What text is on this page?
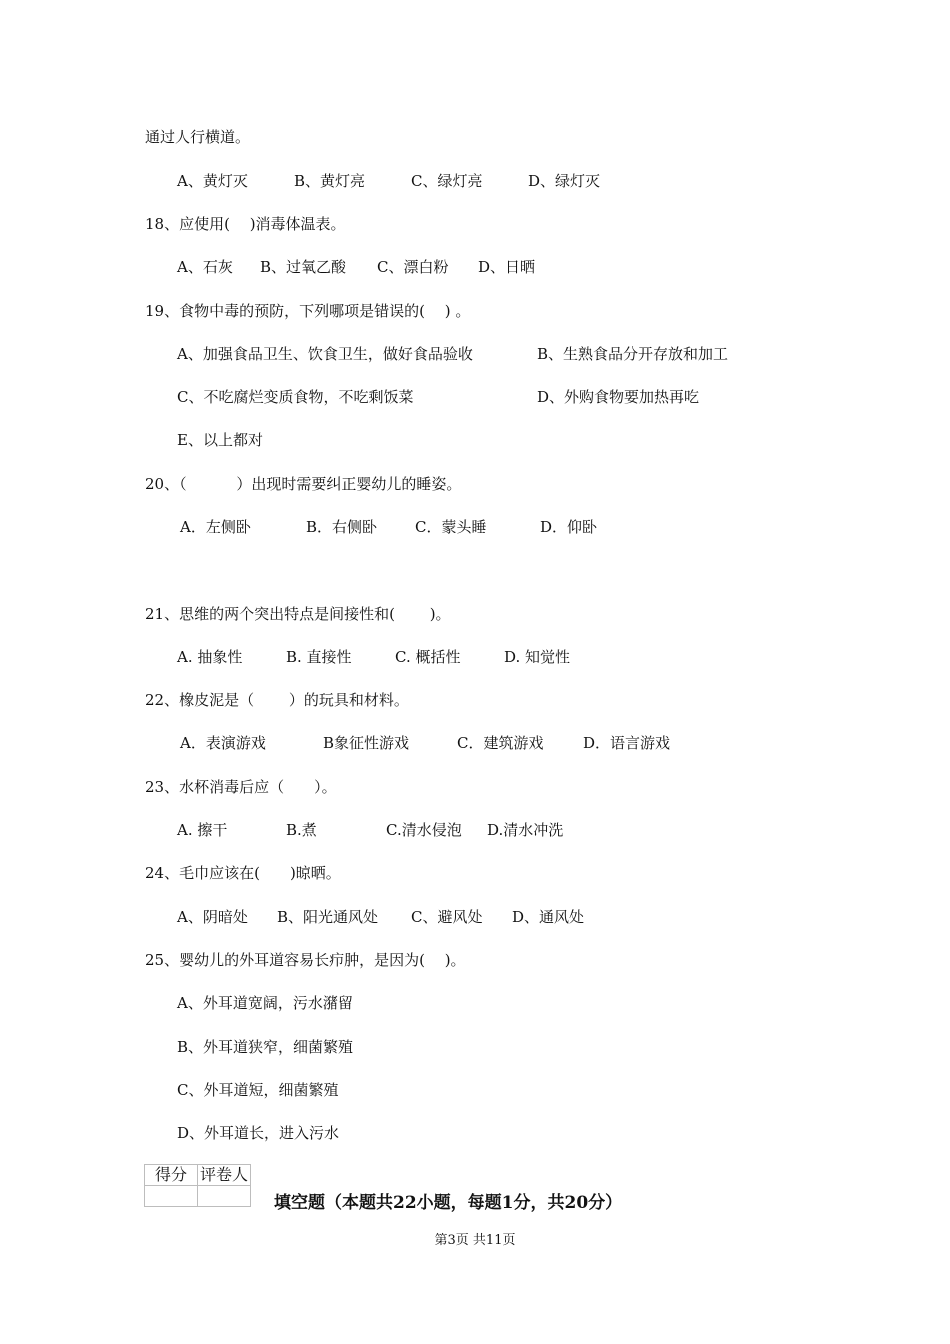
通过人行横道。
A、黄灯灭	B、黄灯亮	C、绿灯亮	D、绿灯灭
18、应使用(　 )消毒体温表。
A、石灰 B、过氧乙酸 C、漂白粉 D、日晒
19、食物中毒的预防，下列哪项是错误的(　 ) 。
A、加强食品卫生、饮食卫生，做好食品验收	B、生熟食品分开存放和加工
C、不吃腐烂变质食物，不吃剩饭菜	D、外购食物要加热再吃
E、以上都对
20、（　　　 ）出现时需要纠正婴幼儿的睡姿。
A．左侧卧	B．右侧卧	C．蒙头睡	D．仰卧
21、思维的两个突出特点是间接性和(　 　)。
A. 抽象性	B. 直接性	C. 概括性	D. 知觉性
22、橡皮泥是（　　 ）的玩具和材料。
A．表演游戏	B象征性游戏	C．建筑游戏	D．语言游戏
23、水杯消毒后应（　　）。
A. 擦干	B.煮	C.清水侵泡 D.清水冲洗
24、毛巾应该在(　　)晾晒。
A、阴暗处 B、阳光通风处 C、避风处 D、通风处
25、婴幼儿的外耳道容易长疖肿，是因为(　 )。
A、外耳道宽阔，污水潴留
B、外耳道狭窄，细菌繁殖
C、外耳道短，细菌繁殖
D、外耳道长，进入污水
得分	评卷人

填空题（本题共22小题，每题1分，共20分）
第3页 共11页
